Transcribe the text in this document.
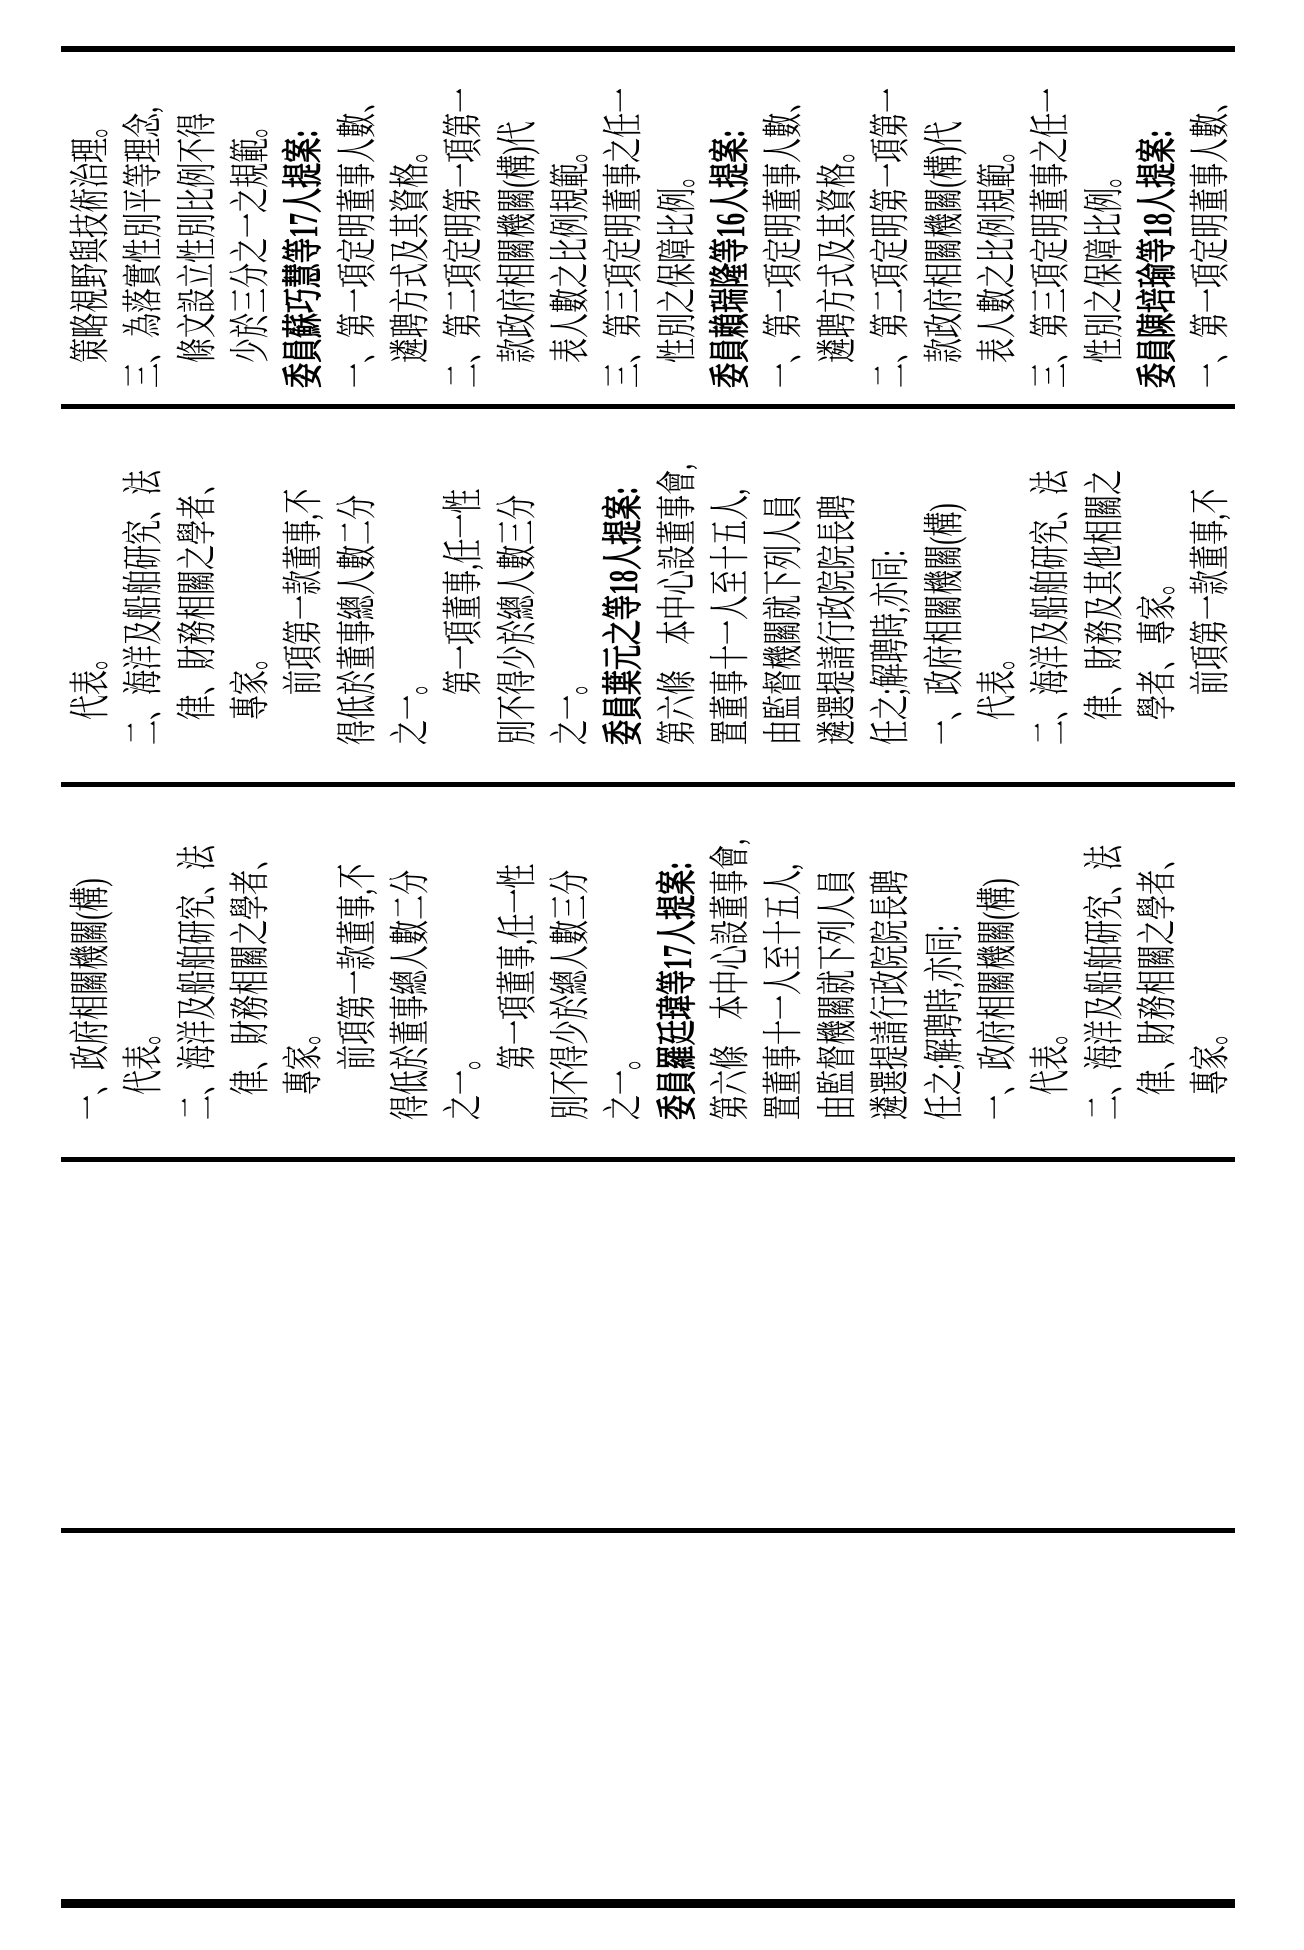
　策略視野與技術治理。 三、為落實性別平等理念, 　條文設立性別比例不得 　少於三分之一之規範。 委員蘇巧慧等17人提案: 一、第一項定明董事人數、 　遴聘方式及其資格。 二、第二項定明第一項第一 　款政府相關機關(構)代 　表人數之比例規範。 三、第三項定明董事之任一 　性別之保障比例。 委員賴瑞隆等16人提案: 一、第一項定明董事人數、 　遴聘方式及其資格。 二、第二項定明第一項第一 　款政府相關機關(構)代 　表人數之比例規範。 三、第三項定明董事之任一 　性別之保障比例。 委員陳培瑜等18人提案: 一、第一項定明董事人數、
　代表。 二、海洋及船舶研究、法 　律、財務相關之學者、 　專家。 　　前項第一款董事,不 得低於董事總人數二分 之一。 　　第一項董事,任一性 別不得少於總人數三分 之一。 委員葉元之等18人提案: 第六條　本中心設董事會, 置董事十一人至十五人, 由監督機關就下列人員 遴選提請行政院院長聘 任之;解聘時,亦同: 一、政府相關機關(構) 　代表。 二、海洋及船舶研究、法 　律、財務及其他相關之 　學者、專家。 　　前項第一款董事,不
一、政府相關機關(構) 　代表。 二、海洋及船舶研究、法 　律、財務相關之學者、 　專家。 　　前項第一款董事,不 得低於董事總人數二分 之一。 　　第一項董事,任一性 別不得少於總人數三分 之一。 委員羅廷瑋等17人提案: 第六條　本中心設董事會, 置董事十一人至十五人, 由監督機關就下列人員 遴選提請行政院院長聘 任之;解聘時,亦同: 一、政府相關機關(構) 　代表。 二、海洋及船舶研究、法 　律、財務相關之學者、 　專家。
